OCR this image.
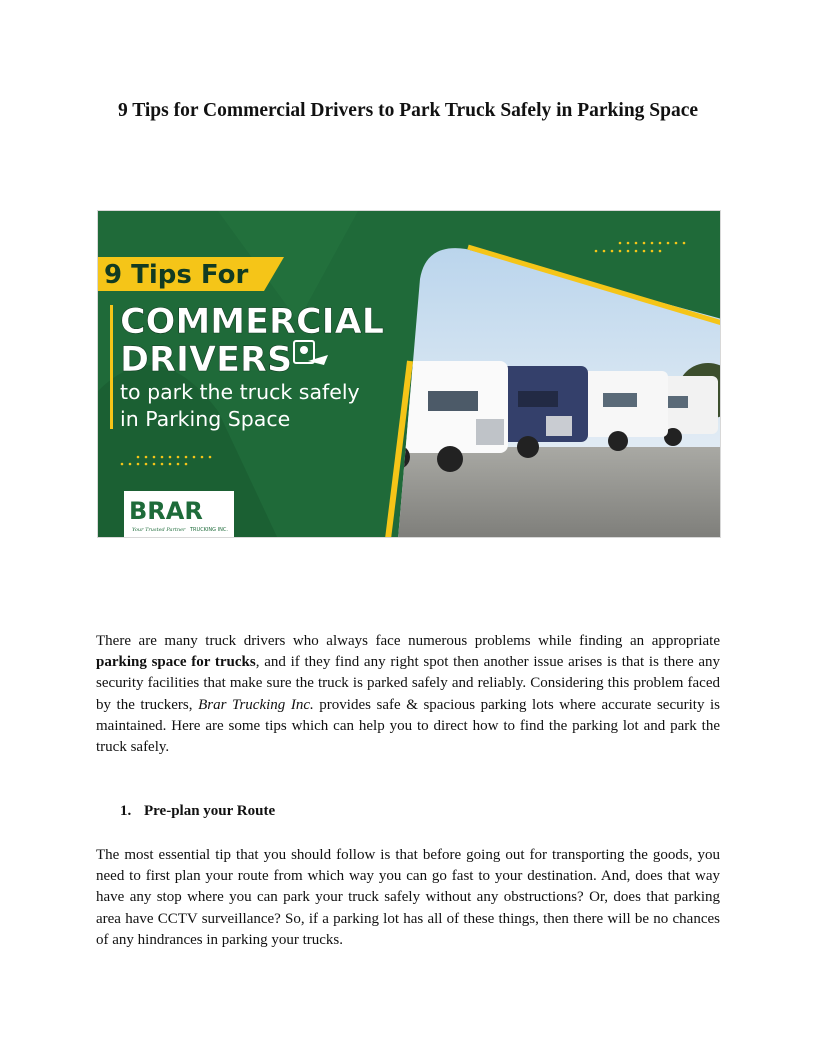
9 Tips for Commercial Drivers to Park Truck Safely in Parking Space
9 Tips For
COMMERCIAL
DRIVERS
to park the truck safely
in Parking Space
BRAR
Your Trusted Partner TRUCKING INC.
There are many truck drivers who always face numerous problems while finding an appropriate parking space for trucks, and if they find any right spot then another issue arises is that is there any security facilities that make sure the truck is parked safely and reliably. Considering this problem faced by the truckers, Brar Trucking Inc. provides safe & spacious parking lots where accurate security is maintained. Here are some tips which can help you to direct how to find the parking lot and park the truck safely.
1. Pre-plan your Route
The most essential tip that you should follow is that before going out for transporting the goods, you need to first plan your route from which way you can go fast to your destination. And, does that way have any stop where you can park your truck safely without any obstructions? Or, does that parking area have CCTV surveillance? So, if a parking lot has all of these things, then there will be no chances of any hindrances in parking your trucks.
